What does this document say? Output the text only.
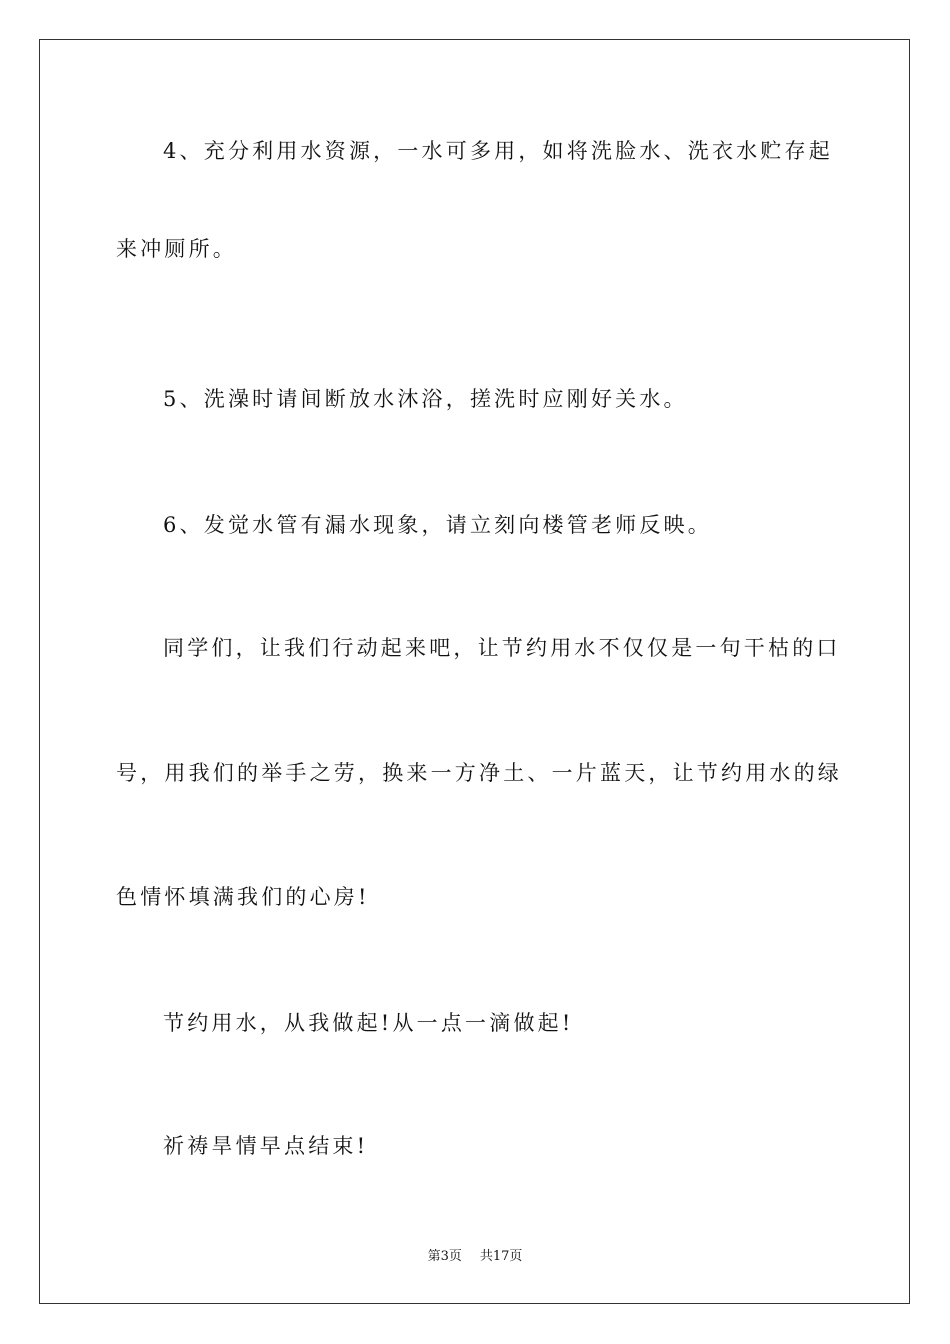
4、充分利用水资源，一水可多用，如将洗脸水、洗衣水贮存起
来冲厕所。
5、洗澡时请间断放水沐浴，搓洗时应刚好关水。
6、发觉水管有漏水现象，请立刻向楼管老师反映。
同学们，让我们行动起来吧，让节约用水不仅仅是一句干枯的口
号，用我们的举手之劳，换来一方净土、一片蓝天，让节约用水的绿
色情怀填满我们的心房!
节约用水，从我做起!从一点一滴做起!
祈祷旱情早点结束!
第3页 共17页
